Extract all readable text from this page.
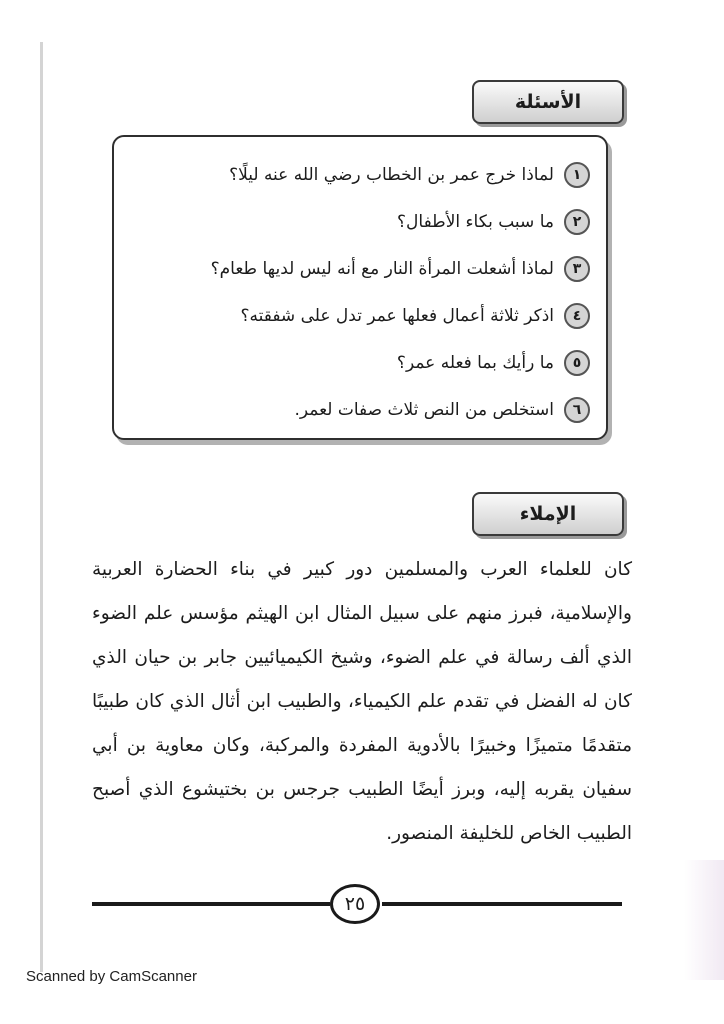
الأسئلة
١
لماذا خرج عمر بن الخطاب رضي الله عنه ليلًا؟
٢
ما سبب بكاء الأطفال؟
٣
لماذا أشعلت المرأة النار مع أنه ليس لديها طعام؟
٤
اذكر ثلاثة أعمال فعلها عمر تدل على شفقته؟
٥
ما رأيك بما فعله عمر؟
٦
استخلص من النص ثلاث صفات لعمر.
الإملاء

كان للعلماء العرب والمسلمين دور كبير في بناء الحضارة العربية والإسلامية، فبرز منهم على سبيل المثال ابن الهيثم مؤسس علم الضوء الذي ألف رسالة في علم الضوء، وشيخ الكيميائيين جابر بن حيان الذي كان له الفضل في تقدم علم الكيمياء، والطبيب ابن أثال الذي كان طبيبًا متقدمًا متميزًا وخبيرًا بالأدوية المفردة والمركبة، وكان معاوية بن أبي سفيان يقربه إليه، وبرز أيضًا الطبيب جرجس بن بختيشوع الذي أصبح الطبيب الخاص للخليفة المنصور.

٢٥
Scanned by CamScanner
